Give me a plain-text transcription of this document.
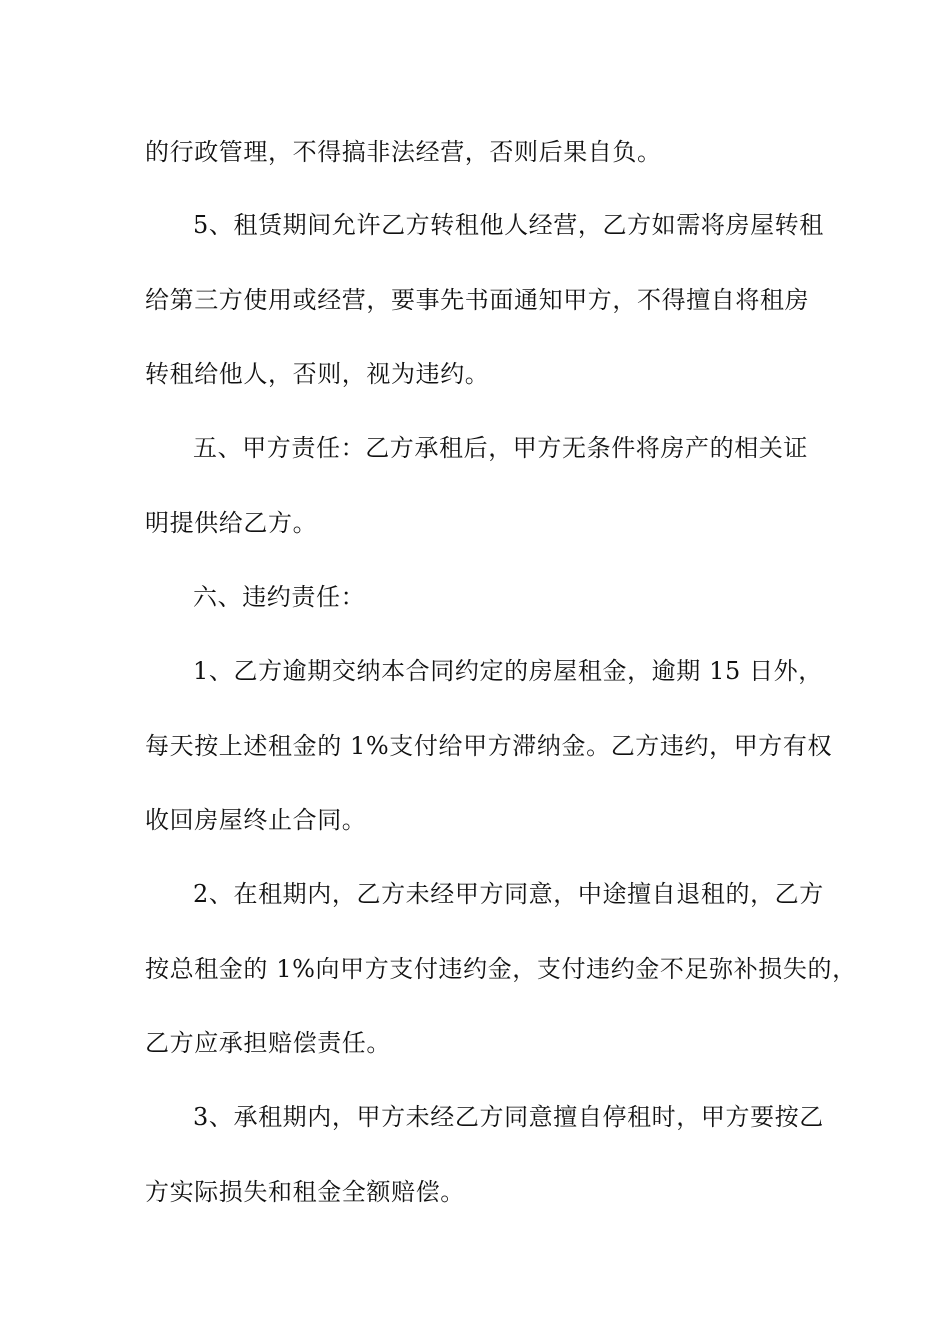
的行政管理，不得搞非法经营，否则后果自负。
5、租赁期间允许乙方转租他人经营，乙方如需将房屋转租
给第三方使用或经营，要事先书面通知甲方，不得擅自将租房
转租给他人，否则，视为违约。
五、甲方责任：乙方承租后，甲方无条件将房产的相关证
明提供给乙方。
六、违约责任：
1、乙方逾期交纳本合同约定的房屋租金，逾期 15 日外，
每天按上述租金的 1%支付给甲方滞纳金。乙方违约，甲方有权
收回房屋终止合同。
2、在租期内，乙方未经甲方同意，中途擅自退租的，乙方
按总租金的 1%向甲方支付违约金，支付违约金不足弥补损失的，
乙方应承担赔偿责任。
3、承租期内，甲方未经乙方同意擅自停租时，甲方要按乙
方实际损失和租金全额赔偿。
